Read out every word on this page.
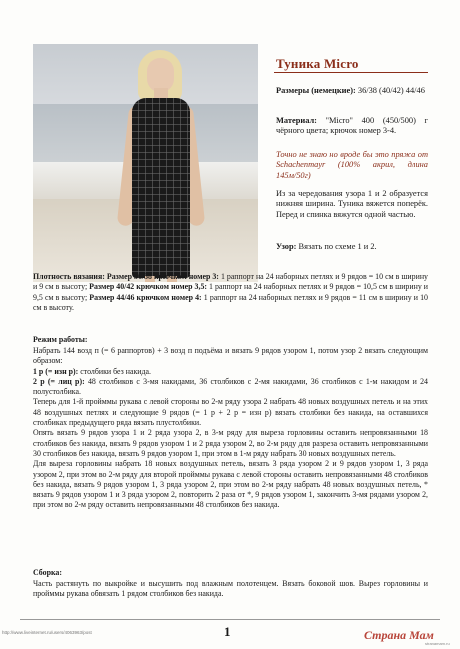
Туника Micro
Размеры (немецкие): 36/38 (40/42) 44/46
Материал: "Micro" 400 (450/500) г чёрного цвета; крючок номер 3-4.
Точно не знаю но вроде бы это пряжа от Schachenmayr (100% акрил, длина 145м/50г)
Из за чередования узора 1 и 2 образуется нижняя ширина. Туника вяжется поперёк. Перед и спинка вяжутся одной частью.
Узор: Вязать по схеме 1 и 2.
Плотность вязания: Размер 36/38 крючком номер 3: 1 раппорт на 24 наборных петлях и 9 рядов = 10 см в ширину и 9 см в высоту; Размер 40/42 крючком номер 3,5: 1 раппорт на 24 наборных петлях и 9 рядов = 10,5 см в ширину и 9,5 см в высоту; Размер 44/46 крючком номер 4: 1 раппорт на 24 наборных петлях и 9 рядов = 11 см в ширину и 10 см в высоту.
Режим работы:

Набрать 144 возд п (= 6 раппортов) + 3 возд п подъёма и вязать 9 рядов узором 1, потом узор 2 вязать следующим образом:

1 р (= изн р): столбики без накида.

2 р (= лиц р): 48 столбиков с 3-мя накидами, 36 столбиков с 2-мя накидами, 36 столбиков с 1-м накидом и 24 полустолбика.

Теперь для 1-й пройммы рукава с левой стороны во 2-м ряду узора 2 набрать 48 новых воздушных петель и на этих 48 воздушных петлях и следующие 9 рядов (= 1 р + 2 р = изн р) вязать столбики без накида, на оставшихся столбиках предыдущего ряда вязать плустолбики.

Опять вязать 9 рядов узора 1 и 2 ряда узора 2, в 3-м ряду для выреза горловины оставить непровязанными 18 столбиков без накида, вязать 9 рядов узором 1 и 2 ряда узором 2, во 2-м ряду для разреза оставить непровязанными 30 столбиков без накида, вязать 9 рядов узором 1, при этом в 1-м ряду набрать 30 новых воздушных петель.

Для выреза горловины набрать 18 новых воздушных петель, вязать 3 ряда узором 2 и 9 рядов узором 1, 3 ряда узором 2, при этом во 2-м ряду для второй пройммы рукава с левой стороны оставить непровязанными 48 столбиков без накида, вязать 9 рядов узором 1, 3 ряда узором 2, при этом во 2-м ряду набрать 48 новых воздушных петель, * вязать 9 рядов узором 1 и 3 ряда узором 2, повторить 2 раза от *, 9 рядов узором 1, закончить 3-мя рядами узором 2, при этом во 2-м ряду оставить непровязанными 48 столбиков без накида.

Сборка:
Часть растянуть по выкройке и высушить под влажным полотенцем. Вязать боковой шов. Вырез горловины и пройммы рукава обвязать 1 рядом столбиков без накида.
http://www.liveinternet.ru/users/4063963/post	1	Страна Мам
stranamam.ru
